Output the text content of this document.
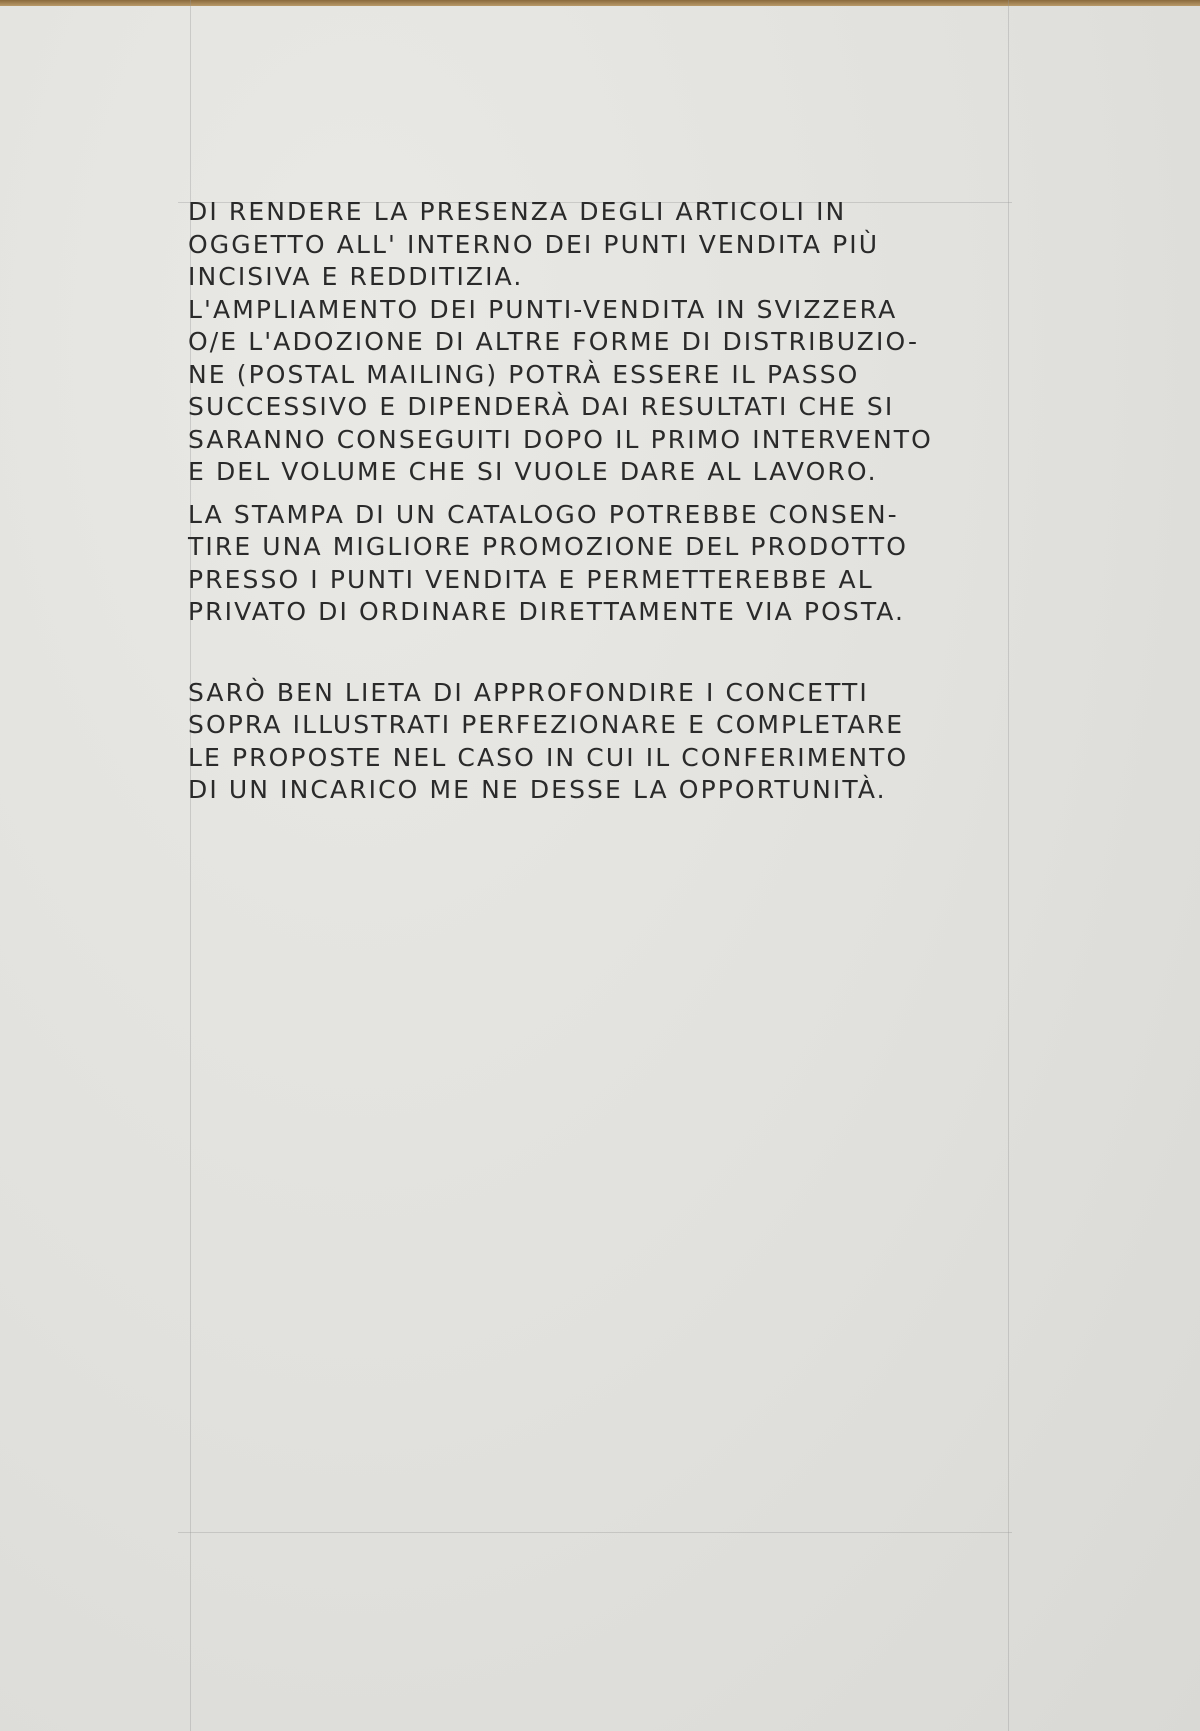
DI RENDERE LA PRESENZA DEGLI ARTICOLI IN
OGGETTO ALL' INTERNO DEI PUNTI VENDITA PIÙ
INCISIVA E REDDITIZIA.

L'AMPLIAMENTO DEI PUNTI-VENDITA IN SVIZZERA
O/E L'ADOZIONE DI ALTRE FORME DI DISTRIBUZIO-
NE (POSTAL MAILING) POTRÀ ESSERE IL PASSO
SUCCESSIVO E DIPENDERÀ DAI RESULTATI CHE SI
SARANNO CONSEGUITI DOPO IL PRIMO INTERVENTO
E DEL VOLUME CHE SI VUOLE DARE AL LAVORO.

LA STAMPA DI UN CATALOGO POTREBBE CONSEN-
TIRE UNA MIGLIORE PROMOZIONE DEL PRODOTTO
PRESSO I PUNTI VENDITA E PERMETTEREBBE AL
PRIVATO DI ORDINARE DIRETTAMENTE VIA POSTA.

SARÒ BEN LIETA DI APPROFONDIRE I CONCETTI
SOPRA ILLUSTRATI PERFEZIONARE E COMPLETARE
LE PROPOSTE NEL CASO IN CUI IL CONFERIMENTO
DI UN INCARICO ME NE DESSE LA OPPORTUNITÀ.
